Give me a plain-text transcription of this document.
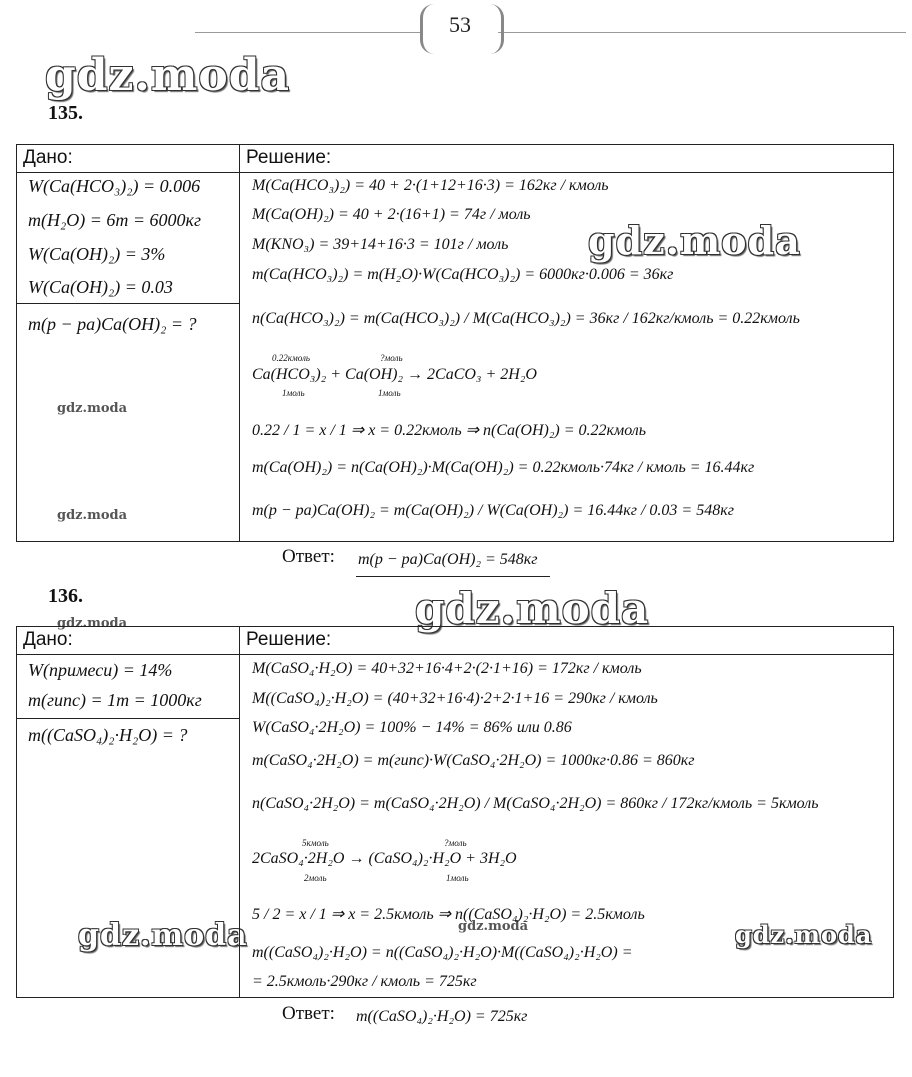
53
gdz.moda
gdz.moda
gdz.moda
gdz.moda
gdz.moda
gdz.moda
gdz.moda	gdz.moda	gdz.moda
135.
Дано:	Решение:

W(Ca(HCO₃)₂) = 0.006
m(H₂O) = 6т = 6000кг
W(Ca(OH)₂) = 3%
W(Ca(OH)₂) = 0.03
m(p − pa)Ca(OH)₂ = ?
M(Ca(HCO₃)₂) = 40 + 2·(1+12+16·3) = 162кг / кмоль
M(Ca(OH)₂) = 40 + 2·(16+1) = 74г / моль
M(KNO₃) = 39+14+16·3 = 101г / моль
m(Ca(HCO₃)₂) = m(H₂O)·W(Ca(HCO₃)₂) = 6000кг·0.006 = 36кг
n(Ca(HCO₃)₂) = m(Ca(HCO₃)₂) / M(Ca(HCO₃)₂) = 36кг / 162кг/кмоль = 0.22кмоль
0.22кмоль	?моль
Ca(HCO₃)₂ + Ca(OH)₂ → 2CaCO₃ + 2H₂O
1моль	1моль
0.22 / 1 = x / 1 ⇒ x = 0.22кмоль ⇒ n(Ca(OH)₂) = 0.22кмоль
m(Ca(OH)₂) = n(Ca(OH)₂)·M(Ca(OH)₂) = 0.22кмоль·74кг / кмоль = 16.44кг
m(p − pa)Ca(OH)₂ = m(Ca(OH)₂) / W(Ca(OH)₂) = 16.44кг / 0.03 = 548кг
Ответ: m(p − pa)Ca(OH)₂ = 548кг
136.
Дано:	Решение:

W(примеси) = 14%
m(гипс) = 1т = 1000кг
m((CaSO₄)₂·H₂O) = ?
M(CaSO₄·H₂O) = 40+32+16·4+2·(2·1+16) = 172кг / кмоль
M((CaSO₄)₂·H₂O) = (40+32+16·4)·2+2·1+16 = 290кг / кмоль
W(CaSO₄·2H₂O) = 100% − 14% = 86% или 0.86
m(CaSO₄·2H₂O) = m(гипс)·W(CaSO₄·2H₂O) = 1000кг·0.86 = 860кг
n(CaSO₄·2H₂O) = m(CaSO₄·2H₂O) / M(CaSO₄·2H₂O) = 860кг / 172кг/кмоль = 5кмоль
5кмоль	?моль
2CaSO₄·2H₂O → (CaSO₄)₂·H₂O + 3H₂O
2моль	1моль
5 / 2 = x / 1 ⇒ x = 2.5кмоль ⇒ n((CaSO₄)₂·H₂O) = 2.5кмоль
m((CaSO₄)₂·H₂O) = n((CaSO₄)₂·H₂O)·M((CaSO₄)₂·H₂O) =
= 2.5кмоль·290кг / кмоль = 725кг
Ответ: m((CaSO₄)₂·H₂O) = 725кг
